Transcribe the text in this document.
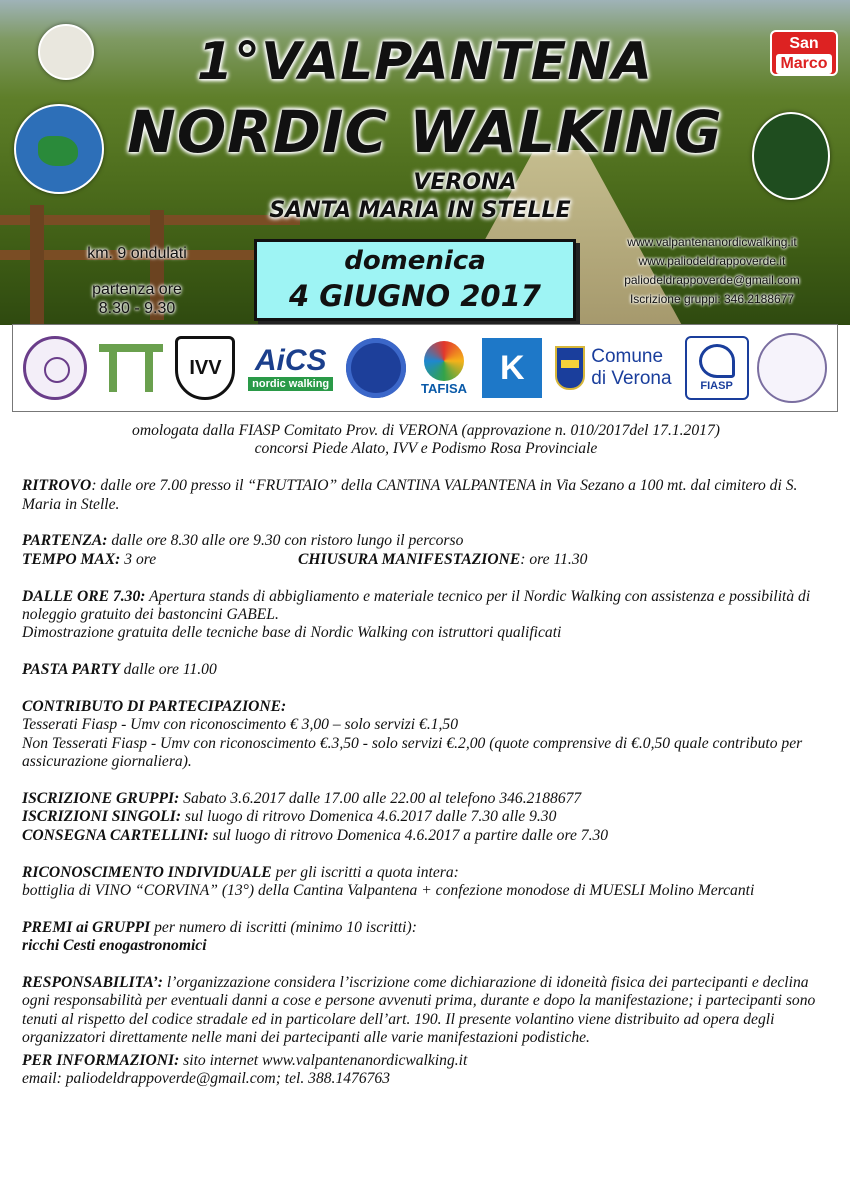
San
Marco
1°VALPANTENA
NORDIC WALKING
VERONA
SANTA MARIA IN STELLE
km. 9 ondulati
partenza ore
8.30 - 9.30
domenica
4 GIUGNO 2017
www.valpantenanordicwalking.it
www.paliodeldrappoverde.it
paliodeldrappoverde@gmail.com
Iscrizione gruppi: 346.2188677
IVV	AiCS
nordic walking	TAFISA
K	Comune
di Verona	FIASP

omologata dalla FIASP Comitato Prov. di VERONA (approvazione n. 010/2017del 17.1.2017)

concorsi Piede Alato, IVV e Podismo Rosa Provinciale

RITROVO: dalle ore 7.00 presso il “FRUTTAIO” della CANTINA VALPANTENA in Via Sezano a 100 mt. dal cimitero di S. Maria in Stelle.

PARTENZA: dalle ore 8.30 alle ore 9.30 con ristoro lungo il percorso

TEMPO MAX: 3 ore	CHIUSURA MANIFESTAZIONE: ore 11.30

DALLE ORE 7.30: Apertura stands di abbigliamento e materiale tecnico per il Nordic Walking con assistenza e possibilità di noleggio gratuito dei bastoncini GABEL.

Dimostrazione gratuita delle tecniche base di Nordic Walking con istruttori qualificati

PASTA PARTY dalle ore 11.00

CONTRIBUTO DI PARTECIPAZIONE:

Tesserati Fiasp - Umv con riconoscimento € 3,00 – solo servizi €.1,50

Non Tesserati Fiasp - Umv con riconoscimento €.3,50 - solo servizi €.2,00 (quote comprensive di €.0,50 quale contributo per assicurazione giornaliera).

ISCRIZIONE GRUPPI: Sabato 3.6.2017 dalle 17.00 alle 22.00 al telefono 346.2188677

ISCRIZIONI SINGOLI: sul luogo di ritrovo Domenica 4.6.2017 dalle 7.30 alle 9.30

CONSEGNA CARTELLINI: sul luogo di ritrovo Domenica 4.6.2017 a partire dalle ore 7.30

RICONOSCIMENTO INDIVIDUALE per gli iscritti a quota intera:

bottiglia di VINO “CORVINA” (13°) della Cantina Valpantena + confezione monodose di MUESLI Molino Mercanti

PREMI ai GRUPPI per numero di iscritti (minimo 10 iscritti):

ricchi Cesti enogastronomici

RESPONSABILITA’: l’organizzazione considera l’iscrizione come dichiarazione di idoneità fisica dei partecipanti e declina ogni responsabilità per eventuali danni a cose e persone avvenuti prima, durante e dopo la manifestazione; i partecipanti sono tenuti al rispetto del codice stradale ed in particolare dell’art. 190. Il presente volantino viene distribuito ad opera degli organizzatori direttamente nelle mani dei partecipanti alle varie manifestazioni podistiche.

PER INFORMAZIONI: sito internet www.valpantenanordicwalking.it

email: paliodeldrappoverde@gmail.com; tel. 388.1476763
